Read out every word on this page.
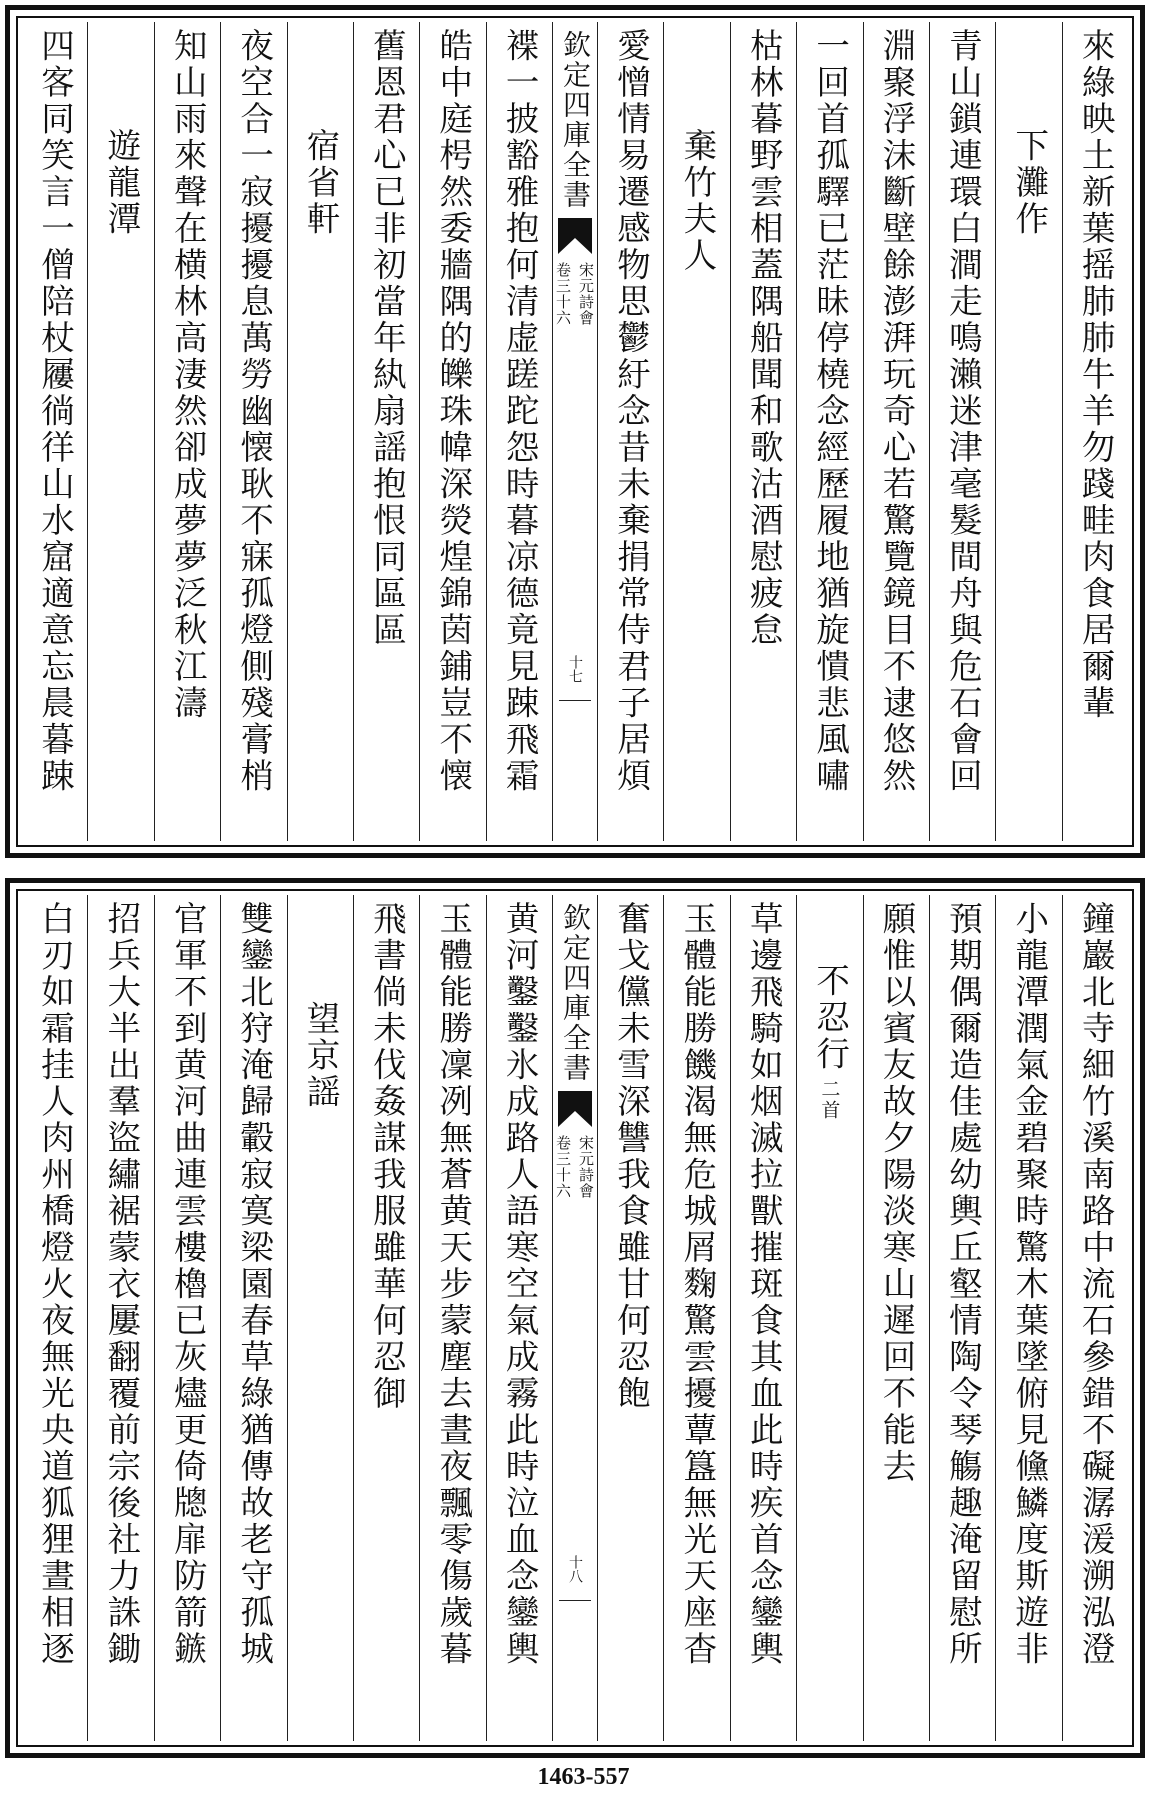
來綠映土新葉摇肺肺牛羊勿踐畦肉食居爾輩
下灘作
青山鎖連環白澗走鳴瀨迷津毫髮間舟與危石會回
淵聚浮沫斷壁餘澎湃玩奇心若驚覽鏡目不逮悠然
一回首孤驛已茫昧停橈念經歷履地猶旋憒悲風嘯
枯林暮野雲相蓋隅船聞和歌沽酒慰疲怠
棄竹夫人
愛憎情易遷感物思鬱紆念昔未棄捐常侍君子居煩
欽定四庫全書
宋元詩會
卷三十六
十七
褋一披豁雅抱何清虚蹉跎怨時暮凉德竟見踈飛霜
皓中庭枵然委牆隅的皪珠幃深熒煌錦茵鋪豈不懐
舊恩君心已非初當年紈扇謡抱恨同區區
宿省軒
夜空合一寂擾擾息萬勞幽懐耿不寐孤燈側殘膏梢
知山雨來聲在横林高淒然卻成夢夢泛秋江濤
遊龍潭
四客同笑言一僧陪杖屨徜徉山水窟適意忘晨暮踈
鐘巖北寺細竹溪南路中流石參錯不礙潺湲溯泓澄
小龍潭潤氣金碧聚時驚木葉墜俯見儵鱗度斯遊非
預期偶爾造佳處幼輿丘壑情陶令琴觴趣淹留慰所
願惟以賓友故夕陽淡寒山遲回不能去
不忍行
二首
草邊飛騎如烟滅拉獸摧斑食其血此時疾首念鑾輿
玉體能勝饑渴無危城屑麴驚雲擾蕈簋無光天座杳
奮戈儻未雪深讐我食雖甘何忍飽
欽定四庫全書
宋元詩會
卷三十六
十八
黄河鑿鑿氷成路人語寒空氣成霧此時泣血念鑾輿
玉體能勝凜冽無蒼黄天步蒙塵去晝夜飄零傷歲暮
飛書倘未伐姦謀我服雖華何忍御
望京謡
雙鑾北狩淹歸轂寂寞梁園春草綠猶傳故老守孤城
官軍不到黄河曲連雲樓櫓已灰燼更倚牕扉防箭鏃
招兵大半出羣盜繡裾蒙衣屢翻覆前宗後社力誅鋤
白刃如霜挂人肉州橋燈火夜無光央道狐狸晝相逐
1463-557
